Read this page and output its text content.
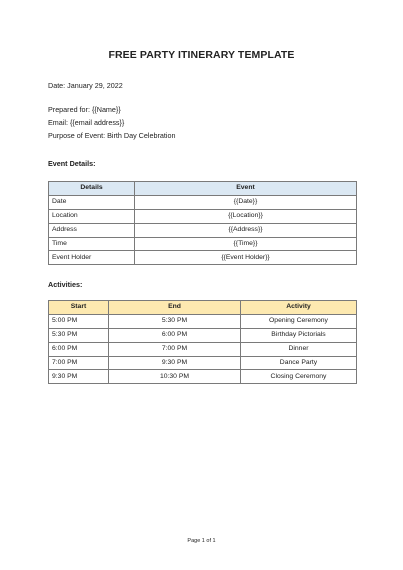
FREE PARTY ITINERARY TEMPLATE
Date: January 29, 2022
Prepared for: {{Name}}
Email: {{email address}}
Purpose of Event: Birth Day Celebration
Event Details:
Details	Event
Date	{{Date}}
Location	{{Location}}
Address	{{Address}}
Time	{{Time}}
Event Holder	{{Event Holder}}
Activities:
Start	End	Activity
5:00 PM	5:30 PM	Opening Ceremony
5:30 PM	6:00 PM	Birthday Pictorials
6:00 PM	7:00 PM	Dinner
7:00 PM	9:30 PM	Dance Party
9:30 PM	10:30 PM	Closing Ceremony
Page 1 of 1
